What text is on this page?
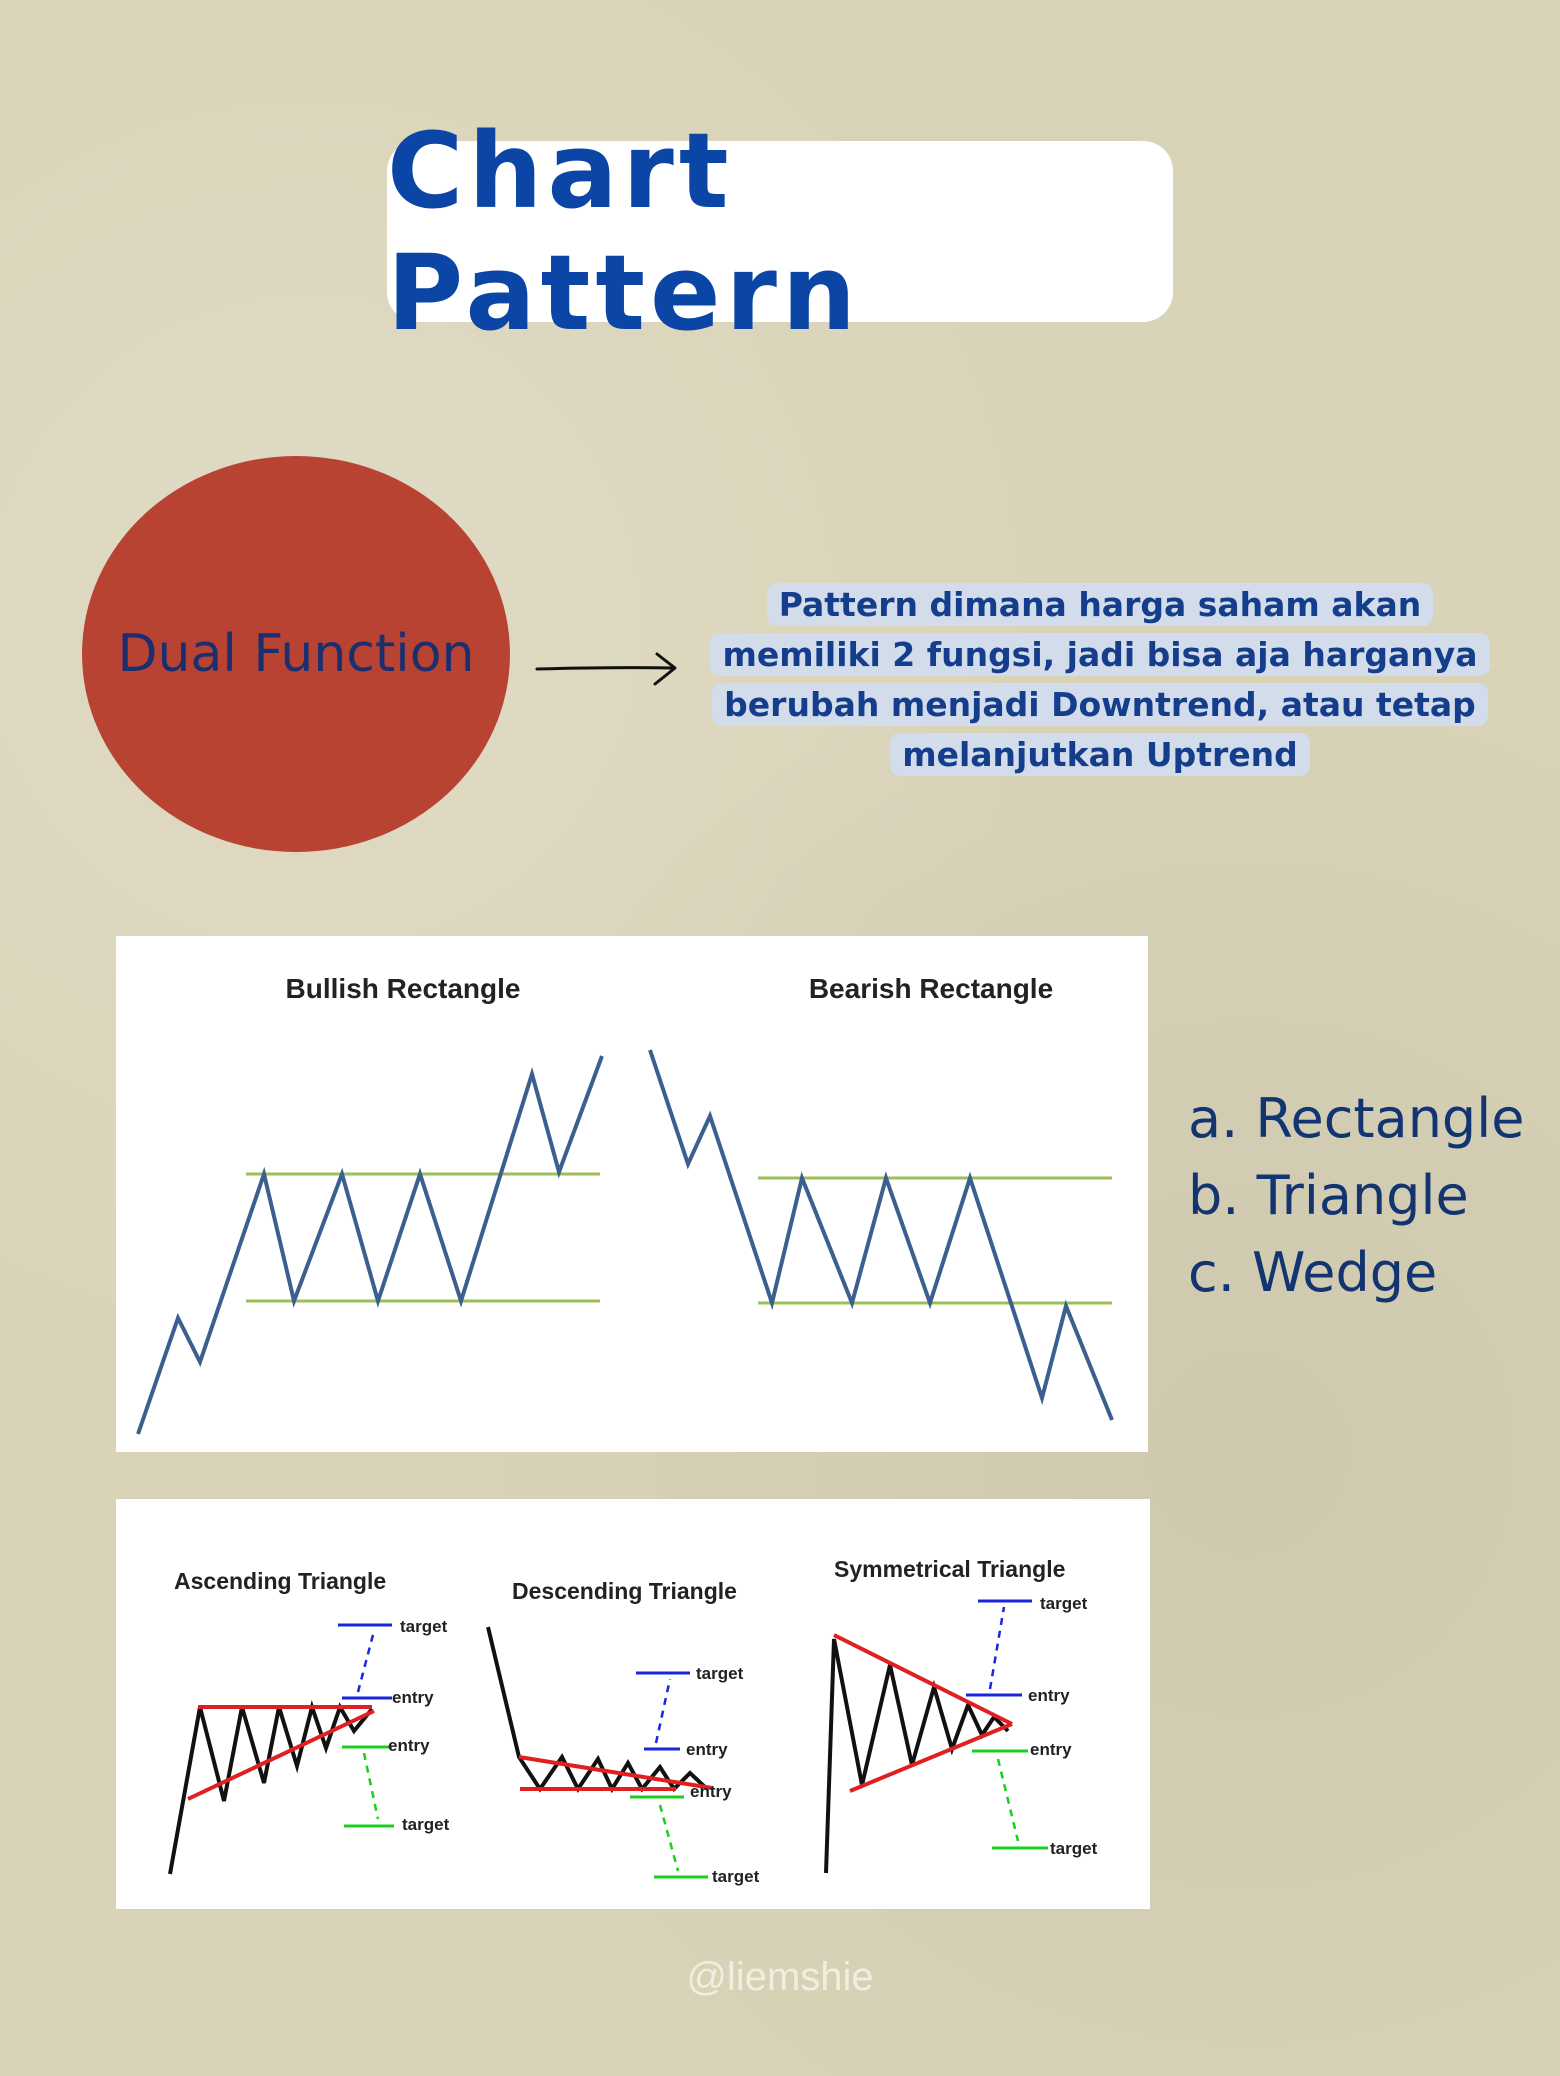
Chart Pattern
Dual Function
Pattern dimana harga saham akan
memiliki 2 fungsi, jadi bisa aja harganya
berubah menjadi Downtrend, atau tetap
melanjutkan Uptrend
Bullish Rectangle	Bearish Rectangle
Ascending Triangle
target
entry
entry
target
Descending Triangle
target
entry
entry
target
Symmetrical Triangle
target
entry
entry
target
a. Rectangle
b. Triangle
c. Wedge
@liemshie
